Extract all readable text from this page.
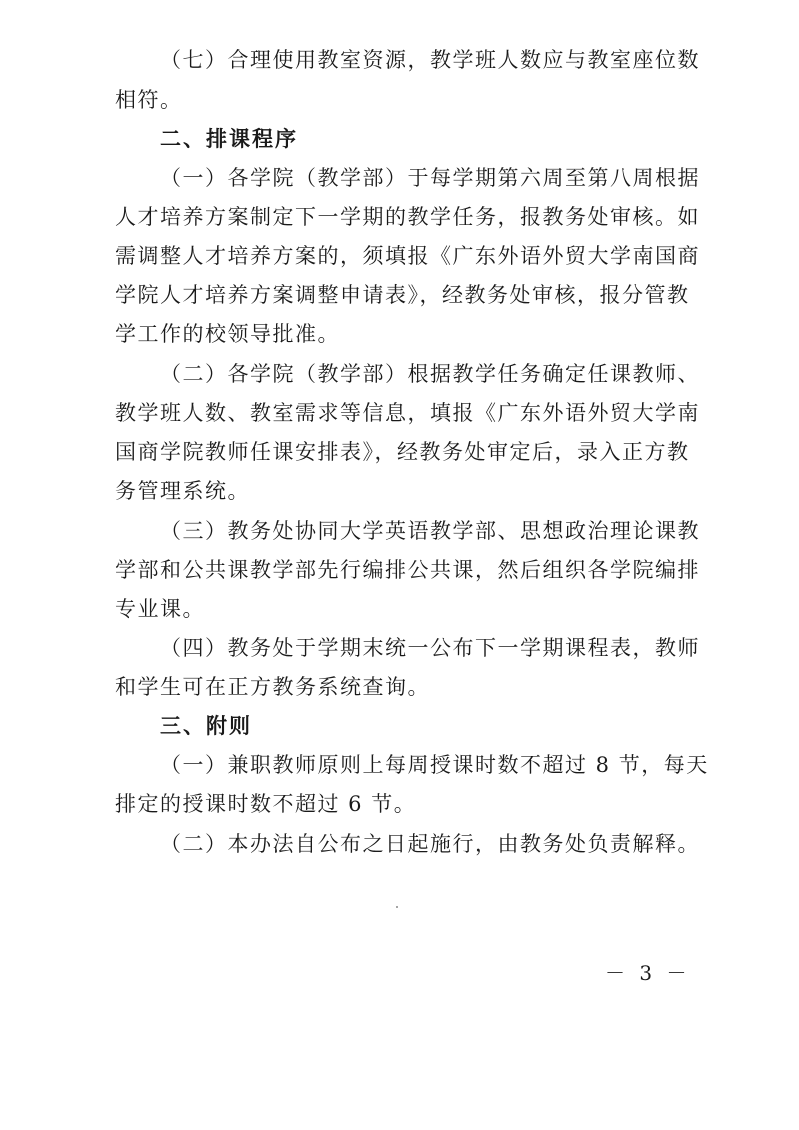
（七）合理使用教室资源，教学班人数应与教室座位数
相符。
二、排课程序
（一）各学院（教学部）于每学期第六周至第八周根据
人才培养方案制定下一学期的教学任务，报教务处审核。如
需调整人才培养方案的，须填报《广东外语外贸大学南国商
学院人才培养方案调整申请表》，经教务处审核，报分管教
学工作的校领导批准。
（二）各学院（教学部）根据教学任务确定任课教师、
教学班人数、教室需求等信息，填报《广东外语外贸大学南
国商学院教师任课安排表》，经教务处审定后，录入正方教
务管理系统。
（三）教务处协同大学英语教学部、思想政治理论课教
学部和公共课教学部先行编排公共课，然后组织各学院编排
专业课。
（四）教务处于学期末统一公布下一学期课程表，教师
和学生可在正方教务系统查询。
三、附则
（一）兼职教师原则上每周授课时数不超过 8 节，每天
排定的授课时数不超过 6 节。
（二）本办法自公布之日起施行，由教务处负责解释。
－ 3 －
